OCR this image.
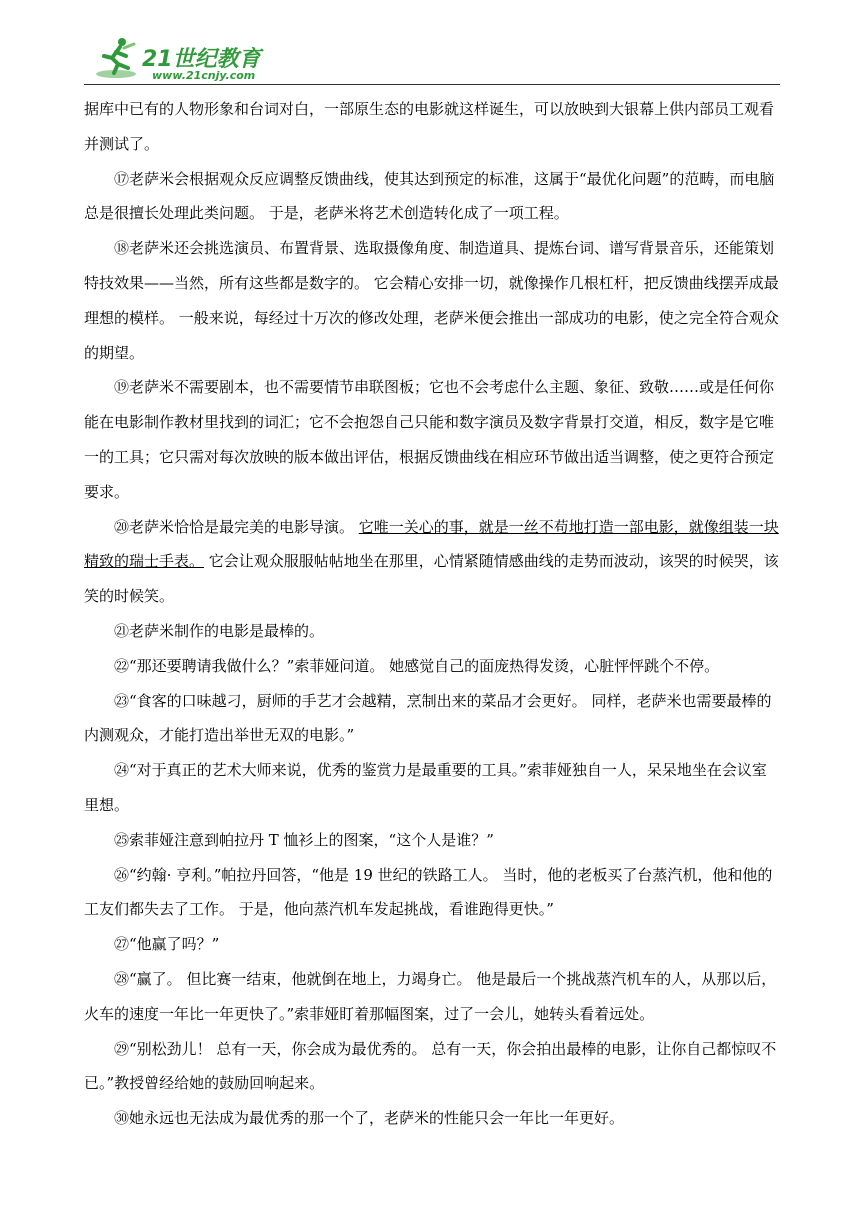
21世纪教育
www.21cnjy.com

据库中已有的人物形象和台词对白，一部原生态的电影就这样诞生，可以放映到大银幕上供内部员工观看并测试了。

⑰老萨米会根据观众反应调整反馈曲线，使其达到预定的标准，这属于“最优化问题”的范畴，而电脑总是很擅长处理此类问题。 于是，老萨米将艺术创造转化成了一项工程。

⑱老萨米还会挑选演员、布置背景、选取摄像角度、制造道具、提炼台词、谱写背景音乐，还能策划特技效果——当然，所有这些都是数字的。 它会精心安排一切，就像操作几根杠杆，把反馈曲线摆弄成最理想的模样。 一般来说，每经过十万次的修改处理，老萨米便会推出一部成功的电影，使之完全符合观众的期望。

⑲老萨米不需要剧本，也不需要情节串联图板；它也不会考虑什么主题、象征、致敬……或是任何你能在电影制作教材里找到的词汇；它不会抱怨自己只能和数字演员及数字背景打交道，相反，数字是它唯一的工具；它只需对每次放映的版本做出评估，根据反馈曲线在相应环节做出适当调整，使之更符合预定要求。

⑳老萨米恰恰是最完美的电影导演。 它唯一关心的事，就是一丝不苟地打造一部电影，就像组装一块精致的瑞士手表。 它会让观众服服帖帖地坐在那里，心情紧随情感曲线的走势而波动，该哭的时候哭，该笑的时候笑。

㉑老萨米制作的电影是最棒的。

㉒“那还要聘请我做什么？”索菲娅问道。 她感觉自己的面庞热得发烫，心脏怦怦跳个不停。

㉓“食客的口味越刁，厨师的手艺才会越精，烹制出来的菜品才会更好。 同样，老萨米也需要最棒的内测观众，才能打造出举世无双的电影。”

㉔“对于真正的艺术大师来说，优秀的鉴赏力是最重要的工具。”索菲娅独自一人，呆呆地坐在会议室里想。

㉕索菲娅注意到帕拉丹 T 恤衫上的图案，“这个人是谁？”

㉖“约翰· 亨利。”帕拉丹回答，“他是 19 世纪的铁路工人。 当时，他的老板买了台蒸汽机，他和他的工友们都失去了工作。 于是，他向蒸汽机车发起挑战，看谁跑得更快。”

㉗“他赢了吗？”

㉘“赢了。 但比赛一结束，他就倒在地上，力竭身亡。 他是最后一个挑战蒸汽机车的人，从那以后，火车的速度一年比一年更快了。”索菲娅盯着那幅图案，过了一会儿，她转头看着远处。

㉙“别松劲儿！ 总有一天，你会成为最优秀的。 总有一天，你会拍出最棒的电影，让你自己都惊叹不已。”教授曾经给她的鼓励回响起来。

㉚她永远也无法成为最优秀的那一个了，老萨米的性能只会一年比一年更好。
